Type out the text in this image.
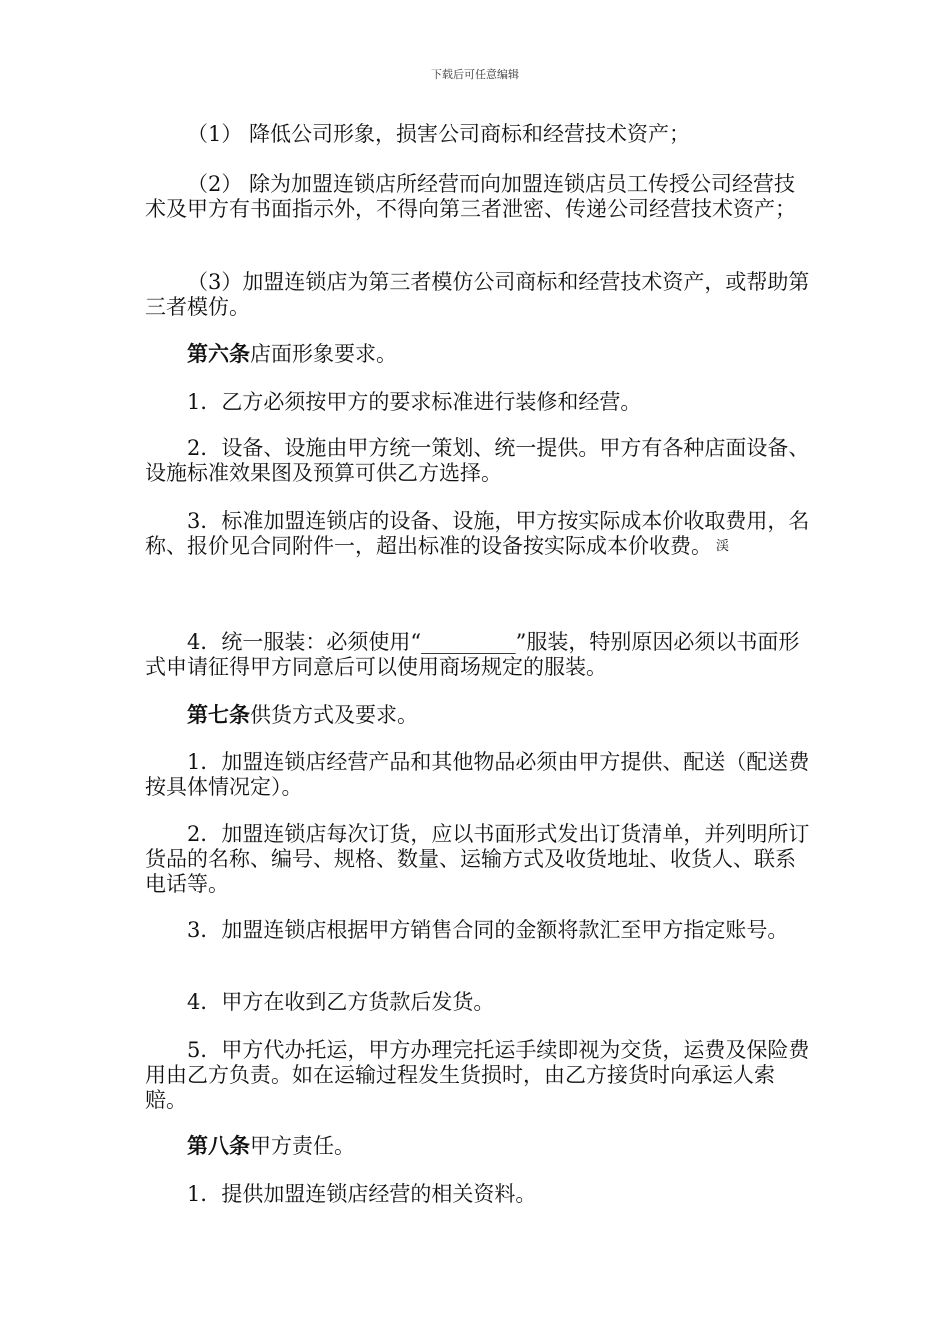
下载后可任意编辑

（1） 降低公司形象，损害公司商标和经营技术资产；

（2） 除为加盟连锁店所经营而向加盟连锁店员工传授公司经营技术及甲方有书面指示外，不得向第三者泄密、传递公司经营技术资产；

（3）加盟连锁店为第三者模仿公司商标和经营技术资产，或帮助第三者模仿。

第六条店面形象要求。

1．乙方必须按甲方的要求标准进行装修和经营。

2．设备、设施由甲方统一策划、统一提供。甲方有各种店面设备、设施标准效果图及预算可供乙方选择。

3．标准加盟连锁店的设备、设施，甲方按实际成本价收取费用，名称、报价见合同附件一，超出标准的设备按实际成本价收费。 $^渓$

4．统一服装：必须使用“_________”服装，特别原因必须以书面形式申请征得甲方同意后可以使用商场规定的服装。

第七条供货方式及要求。

1．加盟连锁店经营产品和其他物品必须由甲方提供、配送（配送费按具体情况定）。

2．加盟连锁店每次订货，应以书面形式发出订货清单，并列明所订货品的名称、编号、规格、数量、运输方式及收货地址、收货人、联系电话等。

3．加盟连锁店根据甲方销售合同的金额将款汇至甲方指定账号。

4．甲方在收到乙方货款后发货。

5．甲方代办托运，甲方办理完托运手续即视为交货，运费及保险费用由乙方负责。如在运输过程发生货损时，由乙方接货时向承运人索赔。

第八条甲方责任。

1．提供加盟连锁店经营的相关资料。
